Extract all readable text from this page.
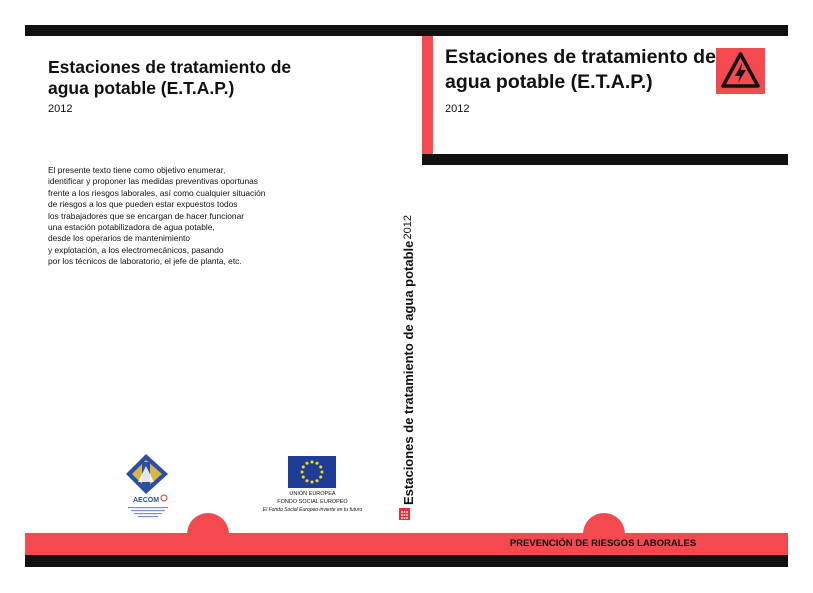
Estaciones de tratamiento de agua potable (E.T.A.P.)
2012
El presente texto tiene como objetivo enumerar,
identificar y proponer las medidas preventivas oportunas
frente a los riesgos laborales, así como cualquier situación
de riesgos a los que pueden estar expuestos todos
los trabajadores que se encargan de hacer funcionar
una estación potabilizadora de agua potable,
desde los operarios de mantenimiento
y explotación, a los electromecánicos, pasando
por los técnicos de laboratorio, el jefe de planta, etc.
Estaciones de tratamiento de agua potable (E.T.A.P.)
2012
Estaciones de tratamiento de agua potable
2012
AECOM
UNIÓN EUROPEA
FONDO SOCIAL EUROPEO
El Fondo Social Europeo invierte en tu futuro
PREVENCIÓN DE RIESGOS LABORALES
